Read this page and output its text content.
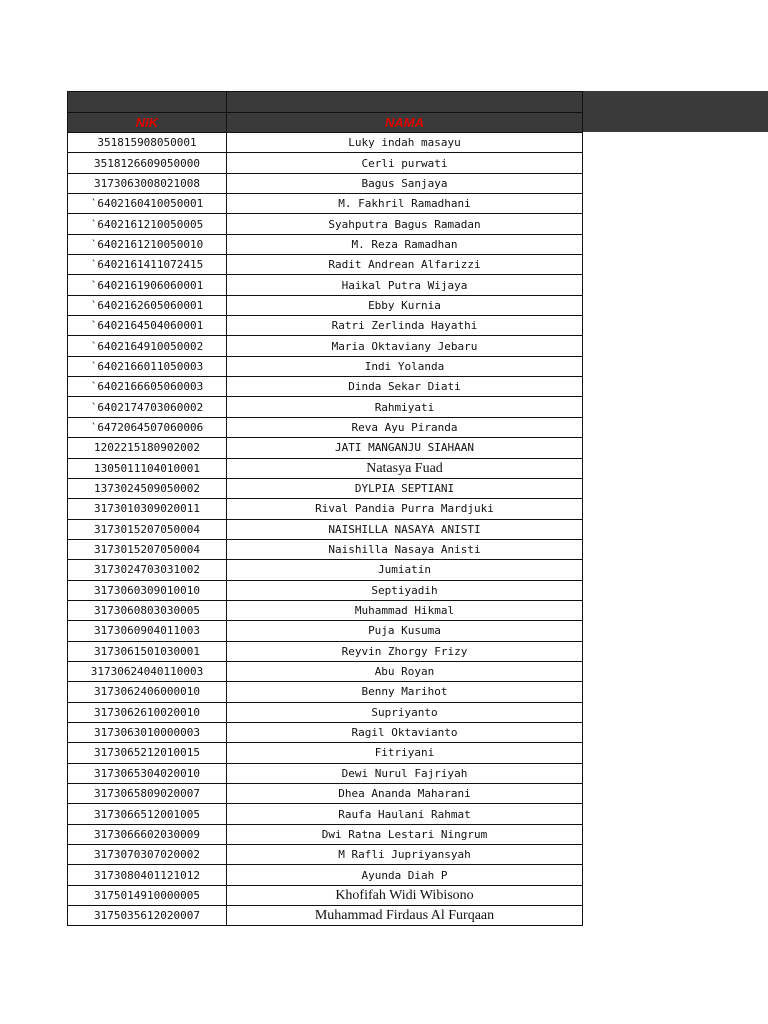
NIK	NAMA
351815908050001	Luky indah masayu
3518126609050000	Cerli purwati
3173063008021008	Bagus Sanjaya
`6402160410050001	M. Fakhril Ramadhani
`6402161210050005	Syahputra Bagus Ramadan
`6402161210050010	M. Reza Ramadhan
`6402161411072415	Radit Andrean Alfarizzi
`6402161906060001	Haikal Putra Wijaya
`6402162605060001	Ebby Kurnia
`6402164504060001	Ratri Zerlinda Hayathi
`6402164910050002	Maria Oktaviany Jebaru
`6402166011050003	Indi Yolanda
`6402166605060003	Dinda Sekar Diati
`6402174703060002	Rahmiyati
`6472064507060006	Reva Ayu Piranda
1202215180902002	JATI MANGANJU SIAHAAN
1305011104010001	Natasya Fuad
1373024509050002	DYLPIA SEPTIANI
3173010309020011	Rival Pandia Purra Mardjuki
3173015207050004	NAISHILLA NASAYA ANISTI
3173015207050004	Naishilla Nasaya Anisti
3173024703031002	Jumiatin
3173060309010010	Septiyadih
3173060803030005	Muhammad Hikmal
3173060904011003	Puja Kusuma
3173061501030001	Reyvin Zhorgy Frizy
31730624040110003	Abu Royan
3173062406000010	Benny Marihot
3173062610020010	Supriyanto
3173063010000003	Ragil Oktavianto
3173065212010015	Fitriyani
3173065304020010	Dewi Nurul Fajriyah
3173065809020007	Dhea Ananda Maharani
3173066512001005	Raufa Haulani Rahmat
3173066602030009	Dwi Ratna Lestari Ningrum
3173070307020002	M Rafli Jupriyansyah
3173080401121012	Ayunda Diah P
3175014910000005	Khofifah Widi Wibisono
3175035612020007	Muhammad Firdaus Al Furqaan
